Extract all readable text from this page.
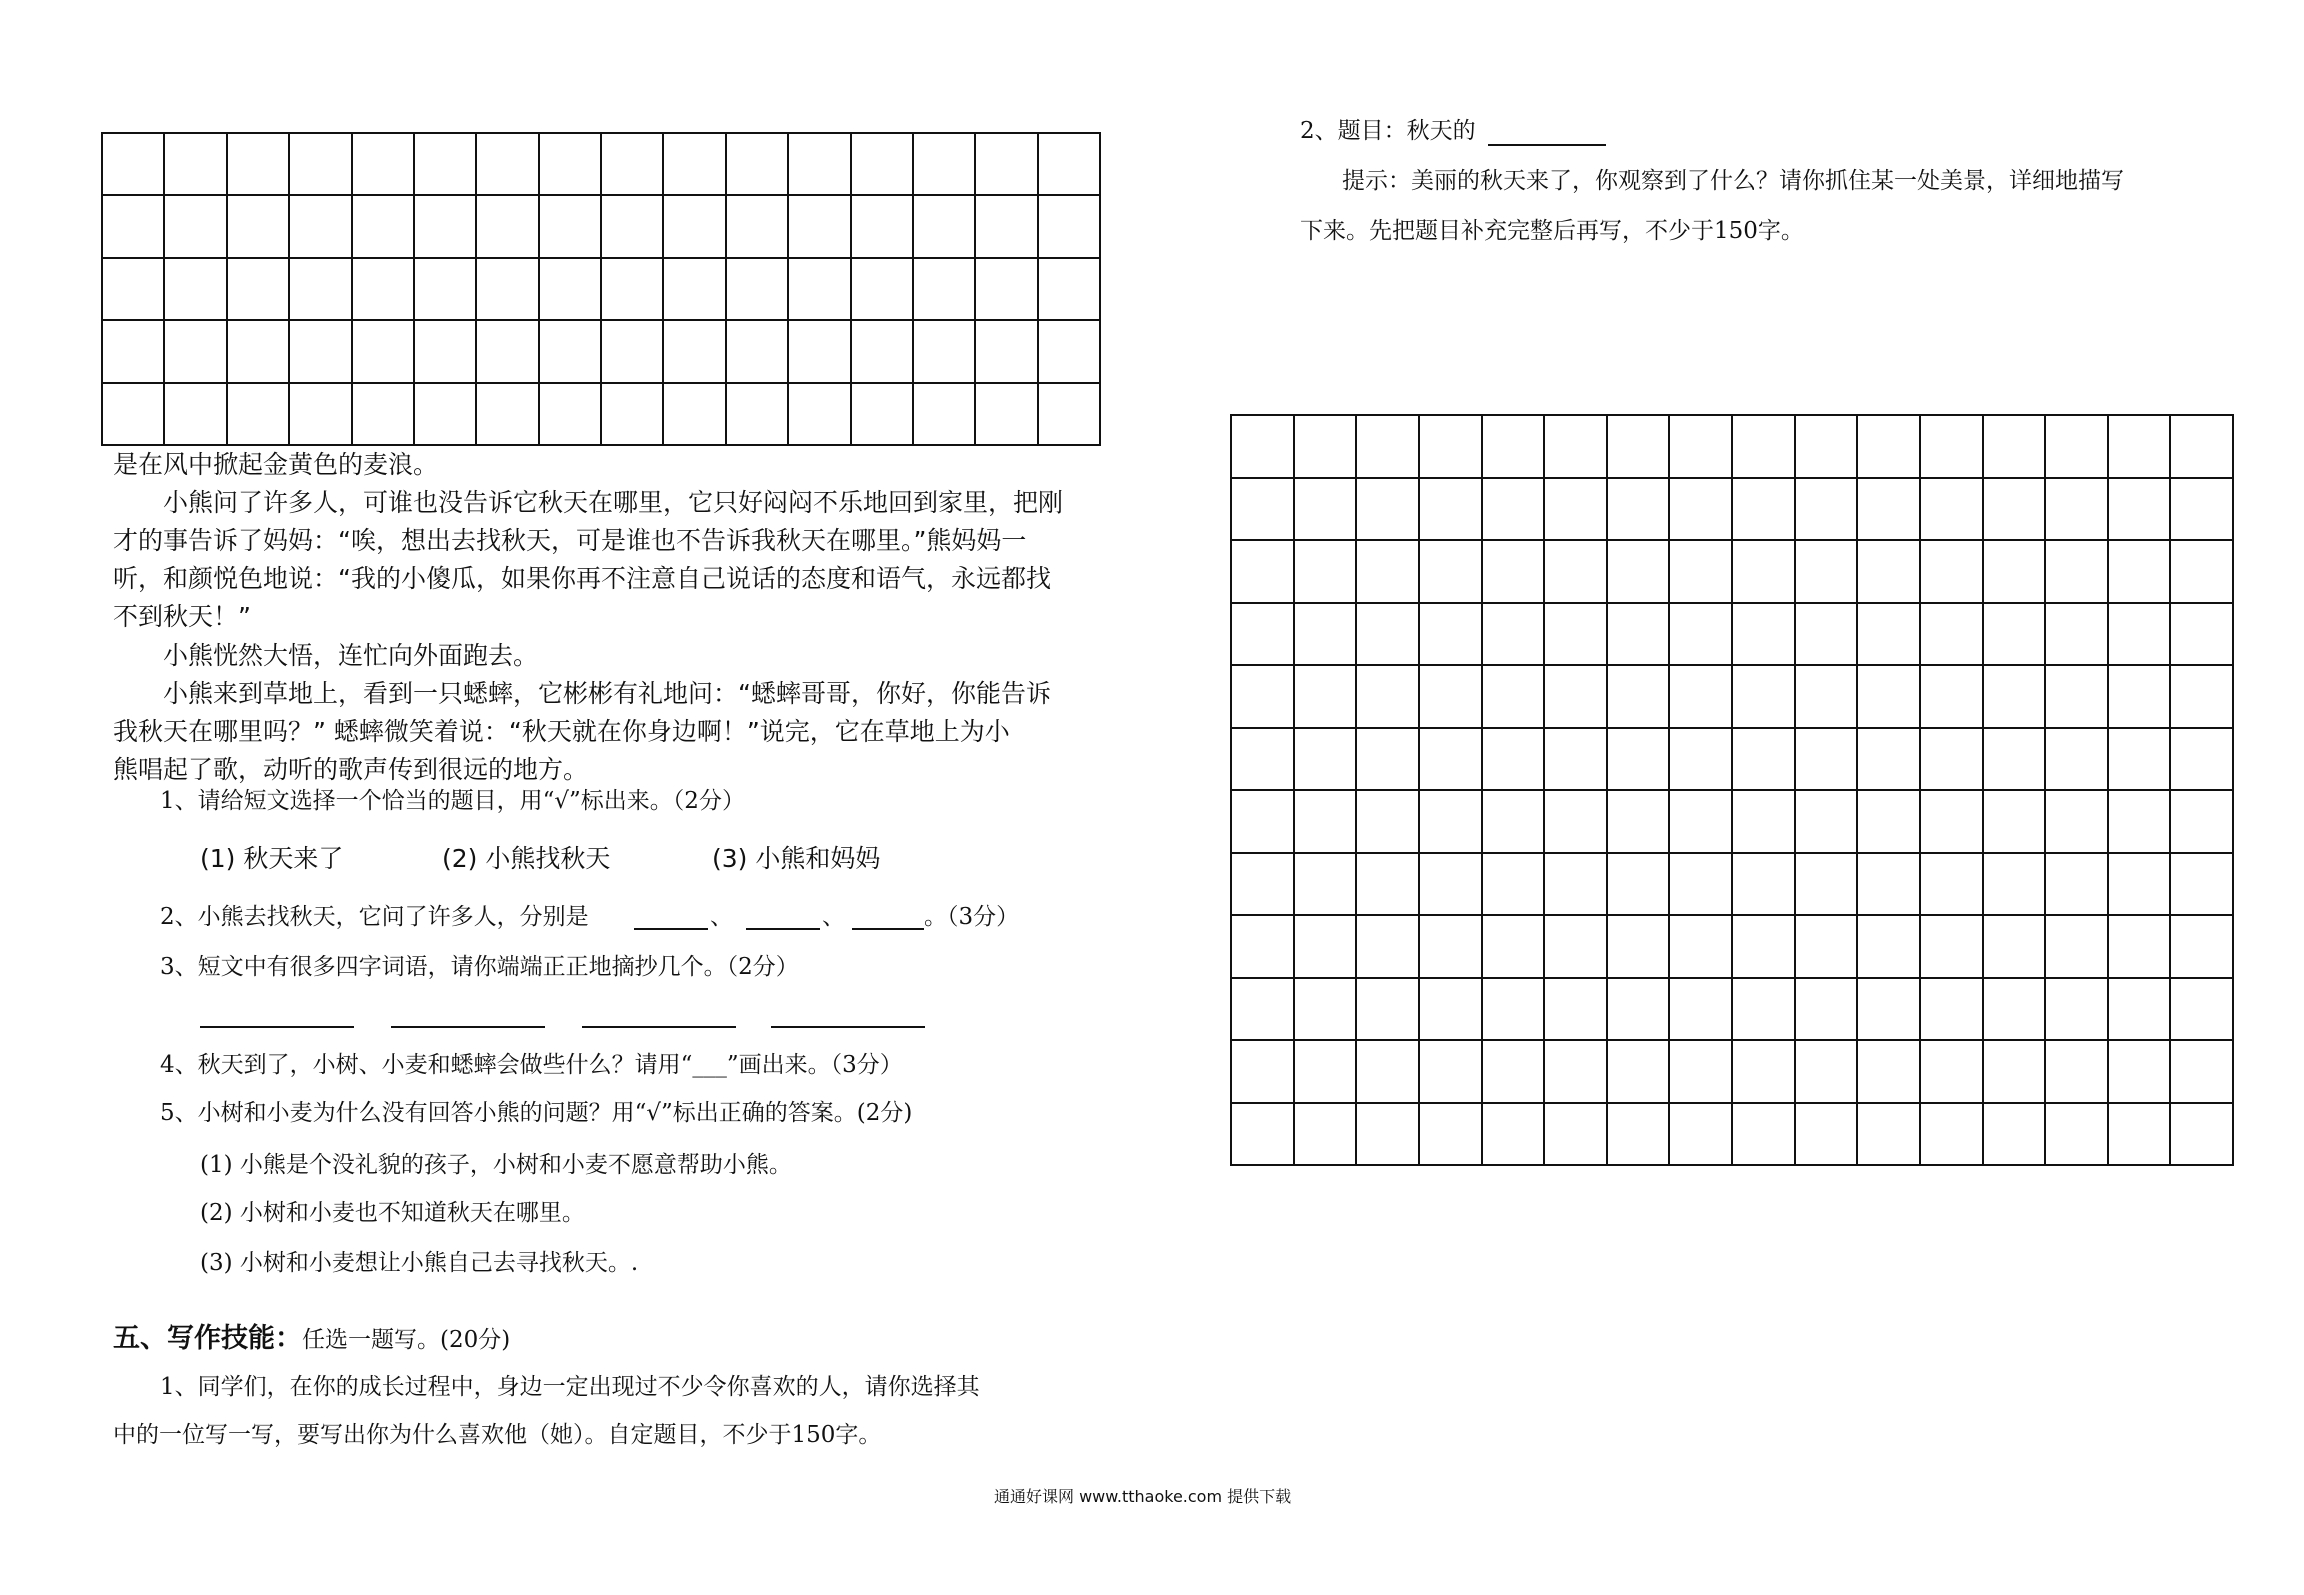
是在风中掀起金黄色的麦浪。
小熊问了许多人，可谁也没告诉它秋天在哪里，它只好闷闷不乐地回到家里，把刚
才的事告诉了妈妈：“唉，想出去找秋天，可是谁也不告诉我秋天在哪里。”熊妈妈一
听，和颜悦色地说：“我的小傻瓜，如果你再不注意自己说话的态度和语气，永远都找
不到秋天！”
小熊恍然大悟，连忙向外面跑去。
小熊来到草地上，看到一只蟋蟀，它彬彬有礼地问：“蟋蟀哥哥，你好，你能告诉
我秋天在哪里吗？” 蟋蟀微笑着说：“秋天就在你身边啊！”说完，它在草地上为小
熊唱起了歌，动听的歌声传到很远的地方。
1、请给短文选择一个恰当的题目，用“√”标出来。（2分）
(1) 秋天来了	(2) 小熊找秋天	(3) 小熊和妈妈
2、小熊去找秋天，它问了许多人，分别是	、	、	。（3分）
3、短文中有很多四字词语，请你端端正正地摘抄几个。（2分）
4、秋天到了，小树、小麦和蟋蟀会做些什么？请用“___”画出来。（3分）
5、小树和小麦为什么没有回答小熊的问题？用“√”标出正确的答案。(2分)
(1) 小熊是个没礼貌的孩子，小树和小麦不愿意帮助小熊。
(2) 小树和小麦也不知道秋天在哪里。
(3) 小树和小麦想让小熊自己去寻找秋天。.
五、写作技能：任选一题写。(20分)
1、同学们，在你的成长过程中，身边一定出现过不少令你喜欢的人，请你选择其
中的一位写一写，要写出你为什么喜欢他（她）。自定题目，不少于150字。
2、题目：秋天的
提示：美丽的秋天来了，你观察到了什么？请你抓住某一处美景，详细地描写
下来。先把题目补充完整后再写，不少于150字。

通通好课网 www.tthaoke.com 提供下载
